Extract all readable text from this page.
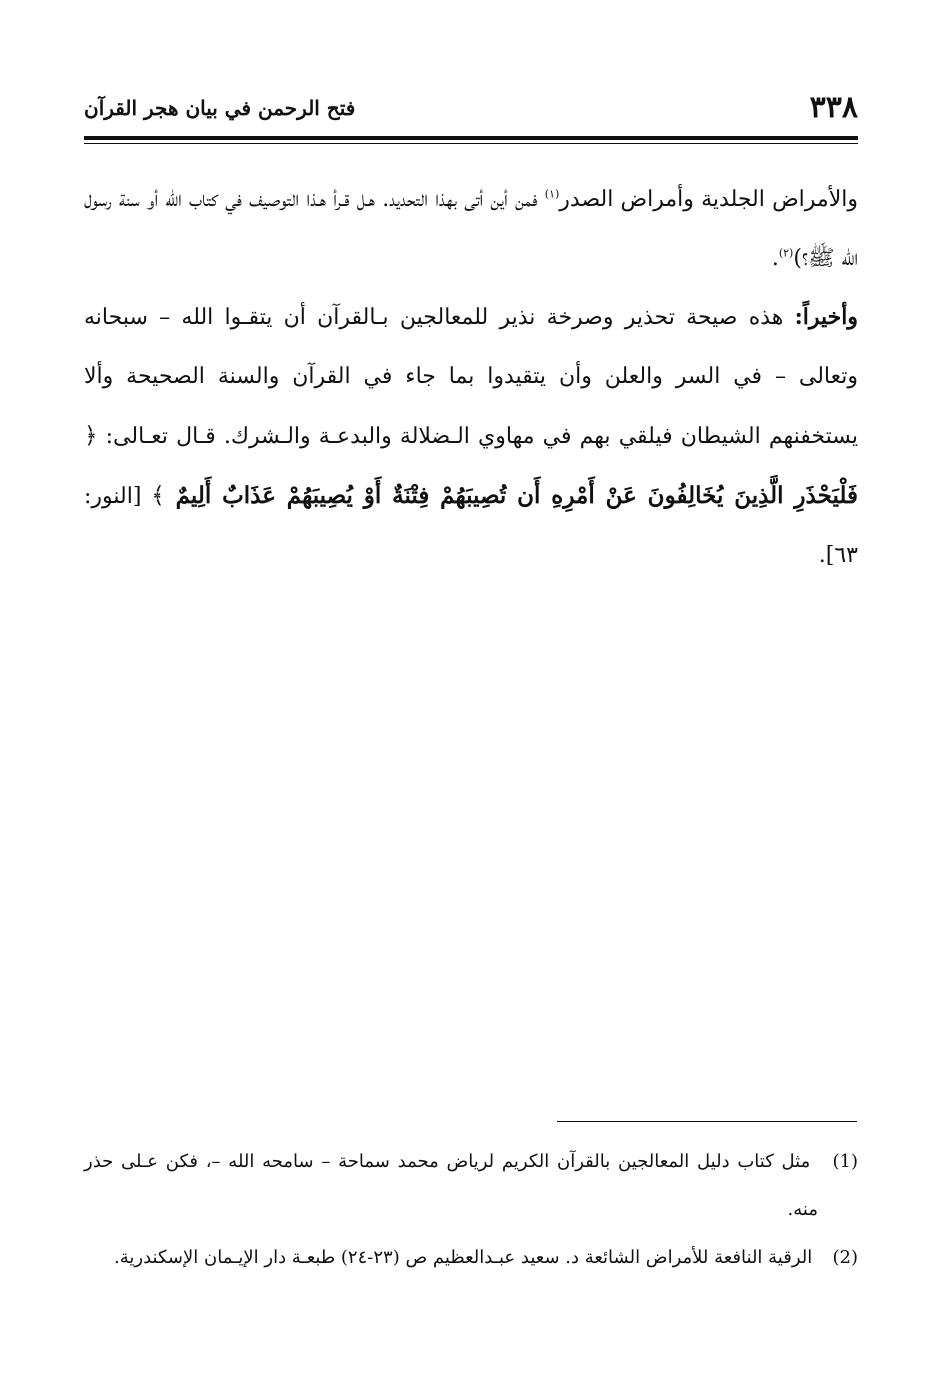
٣٣٨
فتح الرحمن في بيان هجر القرآن

والأمراض الجلدية وأمراض الصدر$^{(١)}$ فمن أين أتى بهذا التحديد. هـل قـرأ هـذا التوصيف في كتاب الله أو سنة رسول الله ﷺ؟)$^{(٢)}$.

وأخيراً: هذه صيحة تحذير وصرخة نذير للمعالجين بـالقرآن أن يتقـوا الله – سبحانه وتعالى – في السر والعلن وأن يتقيدوا بما جاء في القرآن والسنة الصحيحة وألا يستخفنهم الشيطان فيلقي بهم في مهاوي الـضلالة والبدعـة والـشرك. قـال تعـالى: ﴿ فَلْيَحْذَرِ الَّذِينَ يُخَالِفُونَ عَنْ أَمْرِهِ أَن تُصِيبَهُمْ فِتْنَةٌ أَوْ يُصِيبَهُمْ عَذَابٌ أَلِيمٌ ﴾ [النور: ٦٣].

(1) مثل كتاب دليل المعالجين بالقرآن الكريم لرياض محمد سماحة – سامحه الله –، فكن عـلى حذر منه.

(2) الرقية النافعة للأمراض الشائعة د. سعيد عبـدالعظيم ص (٢٣-٢٤) طبعـة دار الإيـمان الإسكندرية.
